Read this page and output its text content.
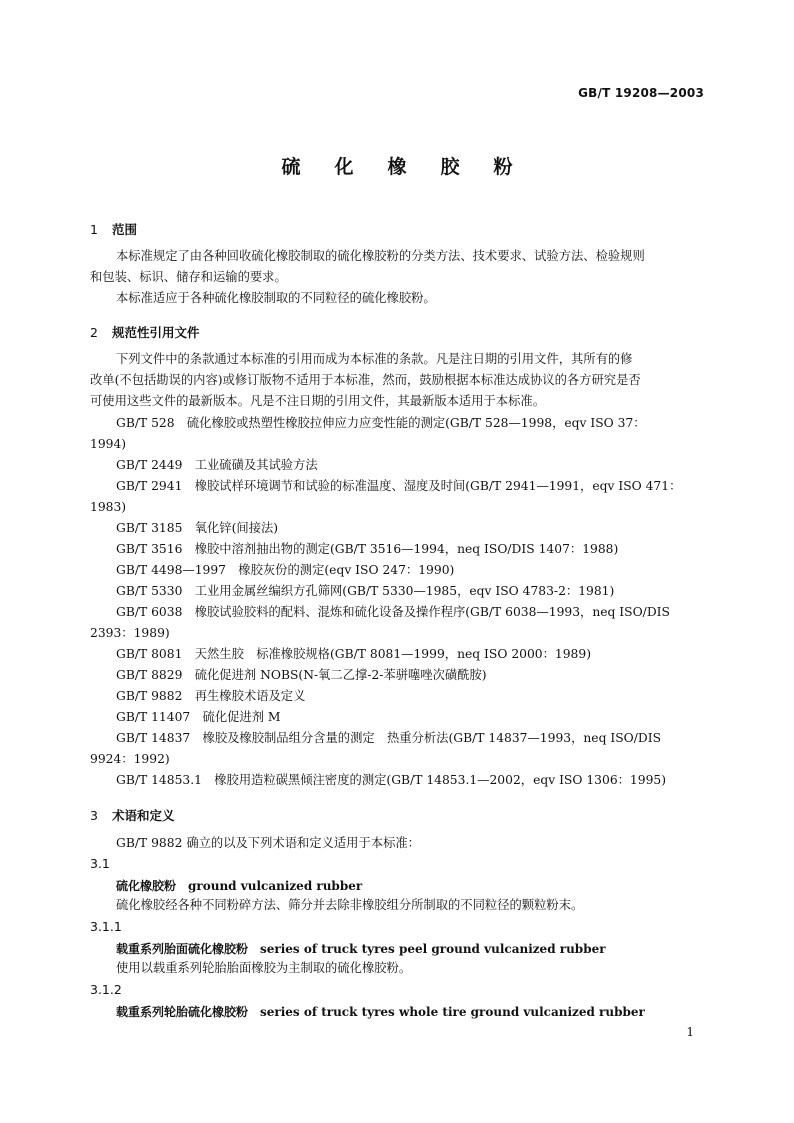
GB/T 19208—2003
硫化橡胶粉
1 范围
本标准规定了由各种回收硫化橡胶制取的硫化橡胶粉的分类方法、技术要求、试验方法、检验规则
和包装、标识、储存和运输的要求。
本标准适应于各种硫化橡胶制取的不同粒径的硫化橡胶粉。
2 规范性引用文件
下列文件中的条款通过本标准的引用而成为本标准的条款。凡是注日期的引用文件，其所有的修
改单(不包括勘误的内容)或修订版物不适用于本标准，然而，鼓励根据本标准达成协议的各方研究是否
可使用这些文件的最新版本。凡是不注日期的引用文件，其最新版本适用于本标准。
GB/T 528　硫化橡胶或热塑性橡胶拉伸应力应变性能的测定(GB/T 528—1998，eqv ISO 37：
1994)
GB/T 2449　工业硫磺及其试验方法
GB/T 2941　橡胶试样环境调节和试验的标准温度、湿度及时间(GB/T 2941—1991，eqv ISO 471：
1983)
GB/T 3185　氧化锌(间接法)
GB/T 3516　橡胶中溶剂抽出物的测定(GB/T 3516—1994，neq ISO/DIS 1407：1988)
GB/T 4498—1997　橡胶灰份的测定(eqv ISO 247：1990)
GB/T 5330　工业用金属丝编织方孔筛网(GB/T 5330—1985，eqv ISO 4783-2：1981)
GB/T 6038　橡胶试验胶料的配料、混炼和硫化设备及操作程序(GB/T 6038—1993，neq ISO/DIS
2393：1989)
GB/T 8081　天然生胶　标准橡胶规格(GB/T 8081—1999，neq ISO 2000：1989)
GB/T 8829　硫化促进剂 NOBS(N-氧二乙撑-2-苯骈噻唑次磺酰胺)
GB/T 9882　再生橡胶术语及定义
GB/T 11407　硫化促进剂 M
GB/T 14837　橡胶及橡胶制品组分含量的测定　热重分析法(GB/T 14837—1993，neq ISO/DIS
9924：1992)
GB/T 14853.1　橡胶用造粒碳黑倾注密度的测定(GB/T 14853.1—2002，eqv ISO 1306：1995)
3 术语和定义
GB/T 9882 确立的以及下列术语和定义适用于本标准：
3.1
硫化橡胶粉 ground vulcanized rubber
硫化橡胶经各种不同粉碎方法、筛分并去除非橡胶组分所制取的不同粒径的颗粒粉末。
3.1.1
载重系列胎面硫化橡胶粉 series of truck tyres peel ground vulcanized rubber
使用以载重系列轮胎胎面橡胶为主制取的硫化橡胶粉。
3.1.2
载重系列轮胎硫化橡胶粉 series of truck tyres whole tire ground vulcanized rubber
1
